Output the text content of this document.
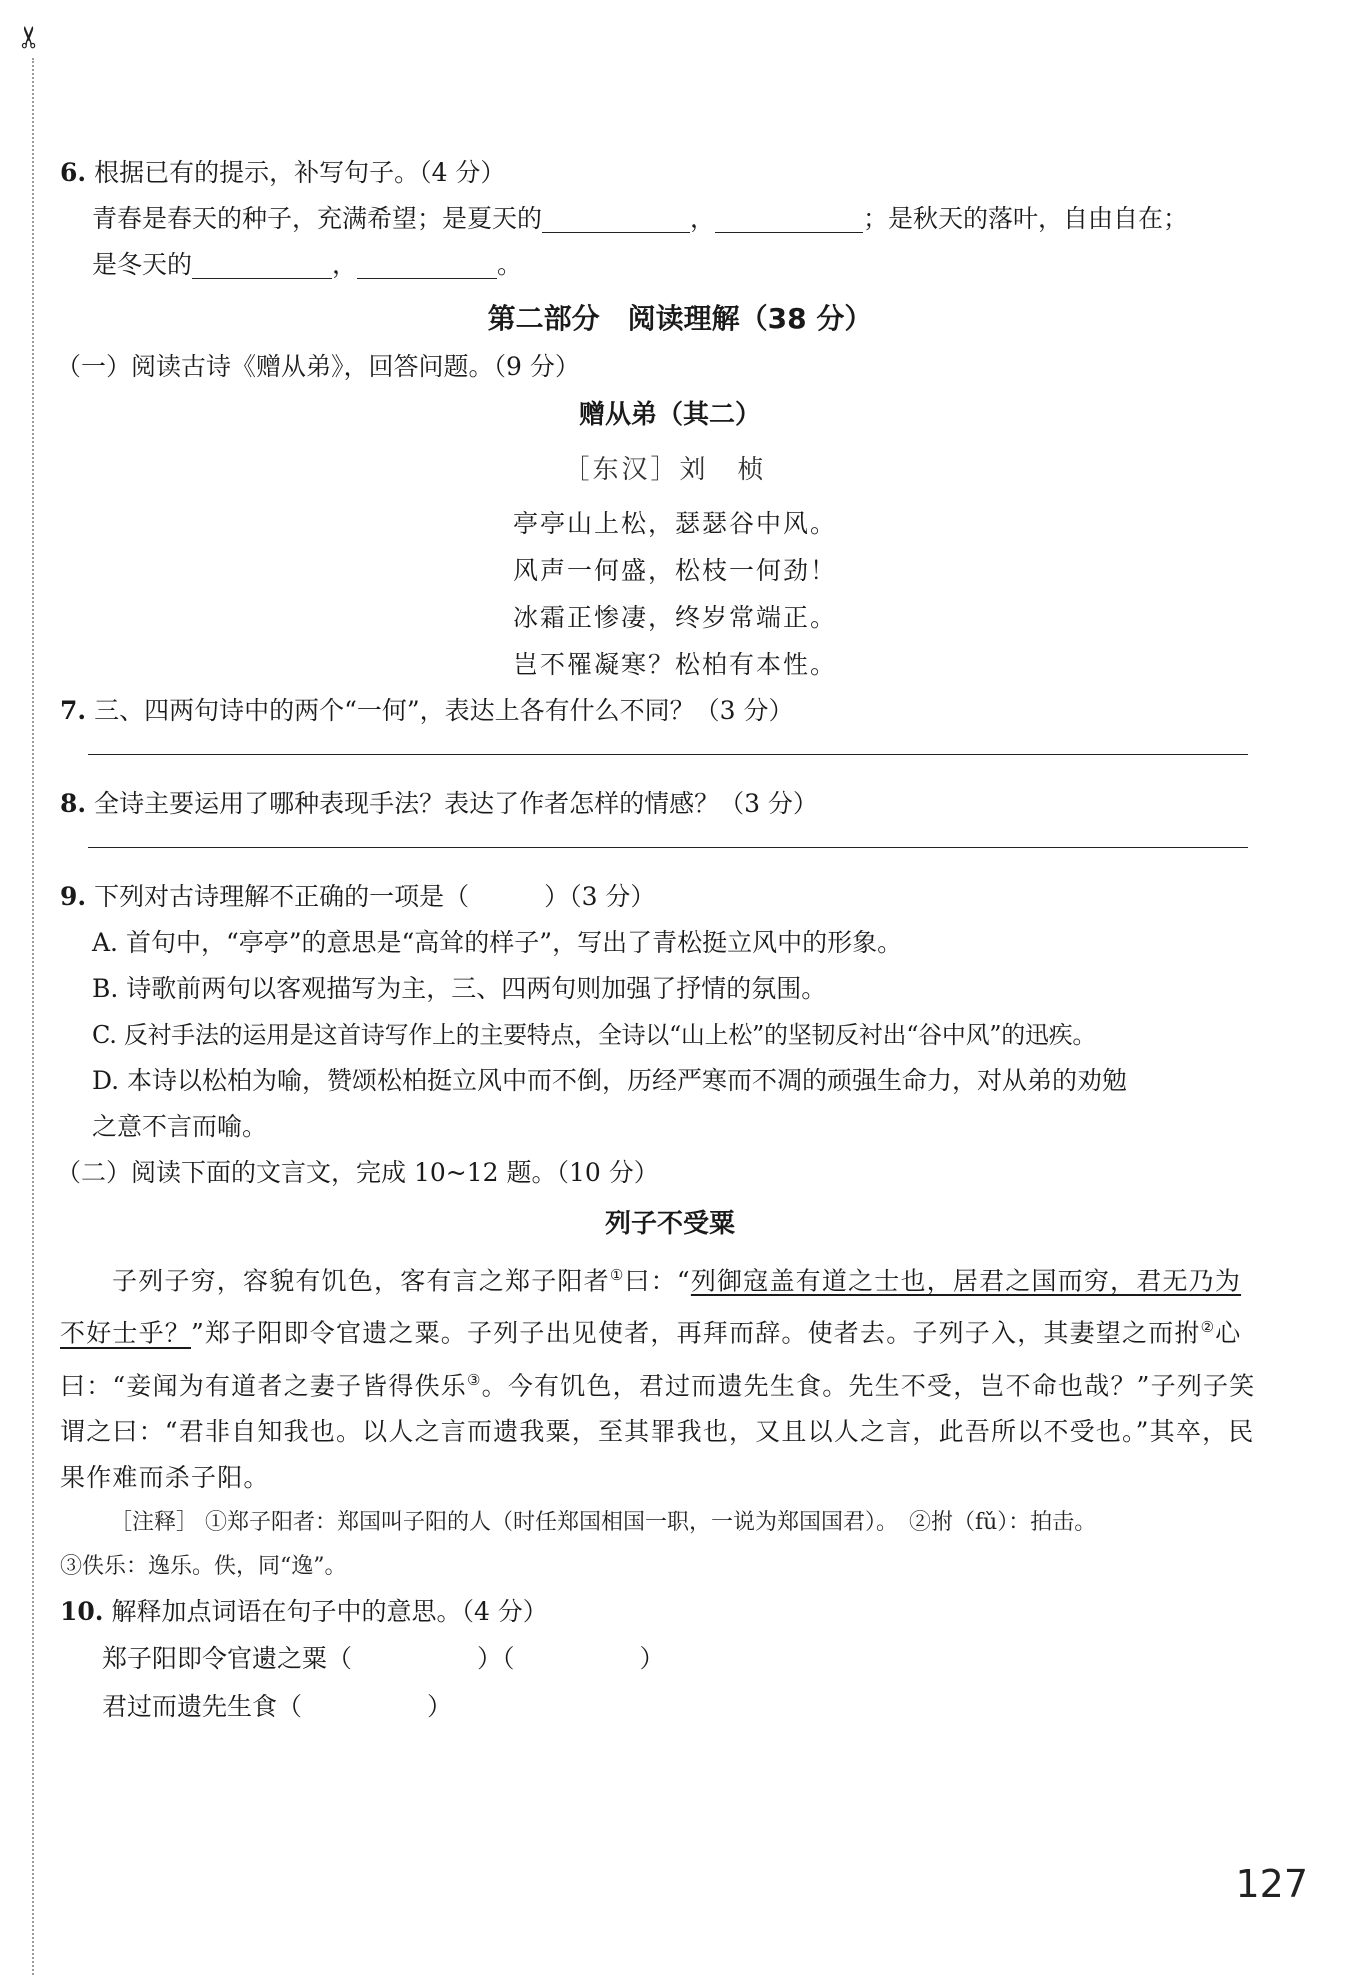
✂
6. 根据已有的提示，补写句子。（4 分）
青春是春天的种子，充满希望；是夏天的	，	；是秋天的落叶，自由自在；
是冬天的	，	。
第二部分　阅读理解（38 分）
（一）阅读古诗《赠从弟》，回答问题。（9 分）
赠从弟（其二）
［东汉］刘　桢
亭亭山上松，瑟瑟谷中风。
风声一何盛，松枝一何劲！
冰霜正惨凄，终岁常端正。
岂不罹凝寒？松柏有本性。
7. 三、四两句诗中的两个“一何”，表达上各有什么不同？（3 分）
8. 全诗主要运用了哪种表现手法？表达了作者怎样的情感？（3 分）
9. 下列对古诗理解不正确的一项是（　　　）（3 分）
A. 首句中，“亭亭”的意思是“高耸的样子”，写出了青松挺立风中的形象。
B. 诗歌前两句以客观描写为主，三、四两句则加强了抒情的氛围。
C. 反衬手法的运用是这首诗写作上的主要特点，全诗以“山上松”的坚韧反衬出“谷中风”的迅疾。
D. 本诗以松柏为喻，赞颂松柏挺立风中而不倒，历经严寒而不凋的顽强生命力，对从弟的劝勉
之意不言而喻。
（二）阅读下面的文言文，完成 10~12 题。（10 分）
列子不受粟

子列子穷，容貌有饥色，客有言之郑子阳者①曰：“列御寇盖有道之士也，居君之国而穷，君无乃为不好士乎？”郑子阳即令官遗之粟。子列子出见使者，再拜而辞。使者去。子列子入，其妻望之而拊②心曰：“妾闻为有道者之妻子皆得佚乐③。今有饥色，君过而遗先生食。先生不受，岂不命也哉？”子列子笑谓之曰：“君非自知我也。以人之言而遗我粟，至其罪我也，又且以人之言，此吾所以不受也。”其卒，民果作难而杀子阳。

［注释］ ①郑子阳者：郑国叫子阳的人（时任郑国相国一职，一说为郑国国君）。　②拊（fǔ）：拍击。
③佚乐：逸乐。佚，同“逸”。
10. 解释加点词语在句子中的意思。（4 分）
郑子阳即令官遗 •之粟（　　　　　）（　　　　　）
君过 •而遗先生食（　　　　　）
127
